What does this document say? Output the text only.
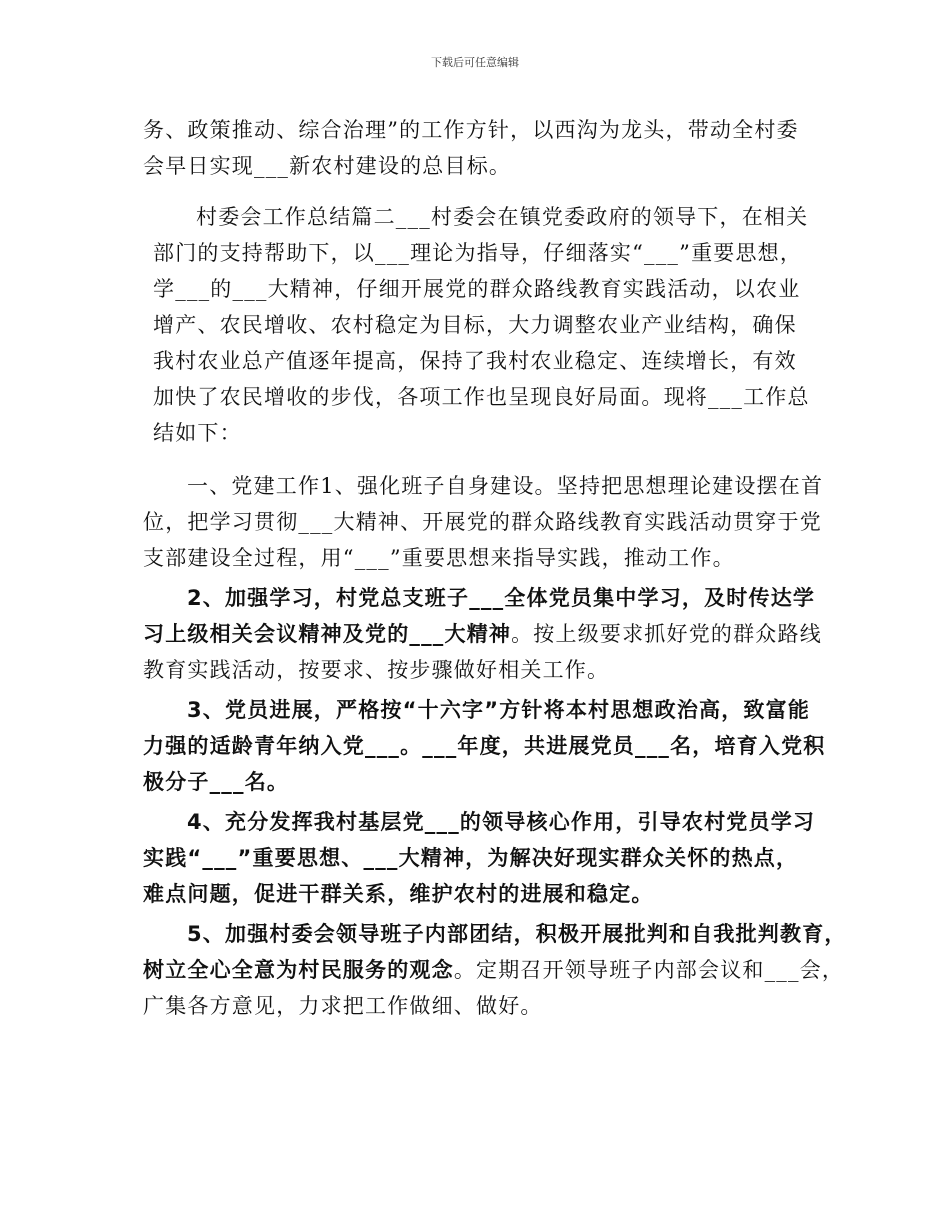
下载后可任意编辑
务、政策推动、综合治理”的工作方针，以西沟为龙头，带动全村委
会早日实现___新农村建设的总目标。
村委会工作总结篇二___村委会在镇党委政府的领导下，在相关
部门的支持帮助下，以___理论为指导，仔细落实“___”重要思想，
学___的___大精神，仔细开展党的群众路线教育实践活动，以农业
增产、农民增收、农村稳定为目标，大力调整农业产业结构，确保
我村农业总产值逐年提高，保持了我村农业稳定、连续增长，有效
加快了农民增收的步伐，各项工作也呈现良好局面。现将___工作总
结如下：
一、党建工作1、强化班子自身建设。坚持把思想理论建设摆在首
位，把学习贯彻___大精神、开展党的群众路线教育实践活动贯穿于党
支部建设全过程，用“___”重要思想来指导实践，推动工作。
2、加强学习，村党总支班子___全体党员集中学习，及时传达学
习上级相关会议精神及党的___大精神。按上级要求抓好党的群众路线
教育实践活动，按要求、按步骤做好相关工作。
3、党员进展，严格按“十六字”方针将本村思想政治高，致富能
力强的适龄青年纳入党___。___年度，共进展党员___名，培育入党积
极分子___名。
4、充分发挥我村基层党___的领导核心作用，引导农村党员学习
实践“___”重要思想、___大精神，为解决好现实群众关怀的热点，
难点问题，促进干群关系，维护农村的进展和稳定。
5、加强村委会领导班子内部团结，积极开展批判和自我批判教育，
树立全心全意为村民服务的观念。定期召开领导班子内部会议和___会，
广集各方意见，力求把工作做细、做好。
